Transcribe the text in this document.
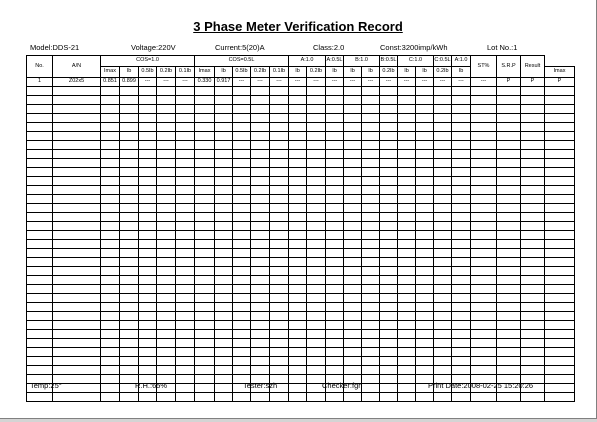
3 Phase Meter Verification Record
Model:DDS-21	Voltage:220V	Current:5(20)A	Class:2.0	Const:3200imp/kWh	Lot No.:1
No.	A/N	COS=1.0					COS=0.5L					A:1.0		A:0.5L	B:1.0		B:0.5L	C:1.0		C:0.5L	A:1.0	ST%	S.R.P	Result	
		Imax	Ib	0.5Ib	0.2Ib	0.1Ib	Imax	Ib	0.5Ib	0.2Ib	0.1Ib	Ib	0.2Ib	Ib	Ib	Ib	0.2Ib	Ib	Ib	0.2Ib	Ib				Imax
1	Z02x5	0.851	0.899	---	---	---	0.330	0.917	---	---	---	---	---	---	---	---	---	---	---	---	---	---	P	P	P

Temp:25°	R.H.:65%	Tester:szh	Checker:fgr	Print Date:2008-02-25 15:20:26
